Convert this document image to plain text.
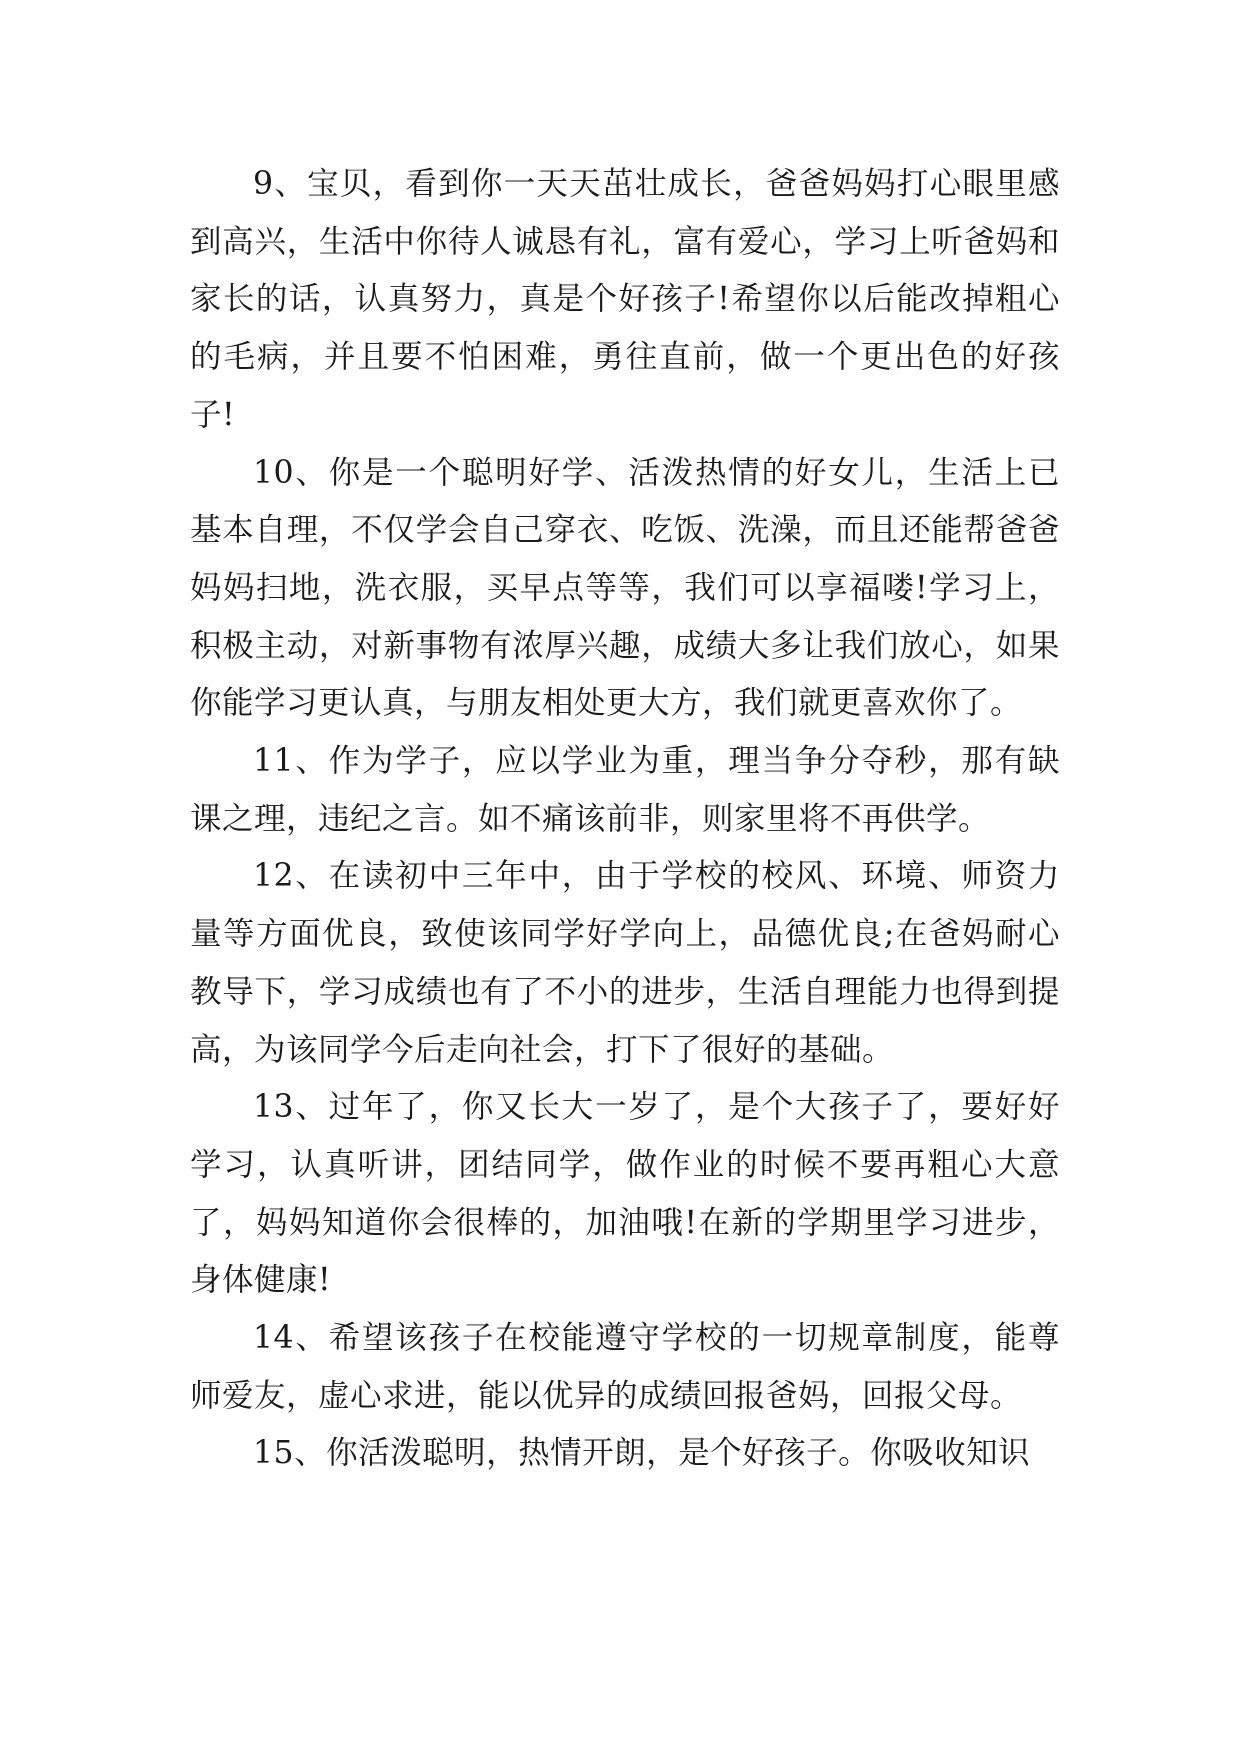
9、宝贝，看到你一天天茁壮成长，爸爸妈妈打心眼里感到高兴，生活中你待人诚恳有礼，富有爱心，学习上听爸妈和家长的话，认真努力，真是个好孩子!希望你以后能改掉粗心的毛病，并且要不怕困难，勇往直前，做一个更出色的好孩子!

10、你是一个聪明好学、活泼热情的好女儿，生活上已基本自理，不仅学会自己穿衣、吃饭、洗澡，而且还能帮爸爸妈妈扫地，洗衣服，买早点等等，我们可以享福喽!学习上，积极主动，对新事物有浓厚兴趣，成绩大多让我们放心，如果你能学习更认真，与朋友相处更大方，我们就更喜欢你了。

11、作为学子，应以学业为重，理当争分夺秒，那有缺课之理，违纪之言。如不痛该前非，则家里将不再供学。

12、在读初中三年中，由于学校的校风、环境、师资力量等方面优良，致使该同学好学向上，品德优良;在爸妈耐心教导下，学习成绩也有了不小的进步，生活自理能力也得到提高，为该同学今后走向社会，打下了很好的基础。

13、过年了，你又长大一岁了，是个大孩子了，要好好学习，认真听讲，团结同学，做作业的时候不要再粗心大意了，妈妈知道你会很棒的，加油哦!在新的学期里学习进步，身体健康!

14、希望该孩子在校能遵守学校的一切规章制度，能尊师爱友，虚心求进，能以优异的成绩回报爸妈，回报父母。

15、你活泼聪明，热情开朗，是个好孩子。你吸收知识
